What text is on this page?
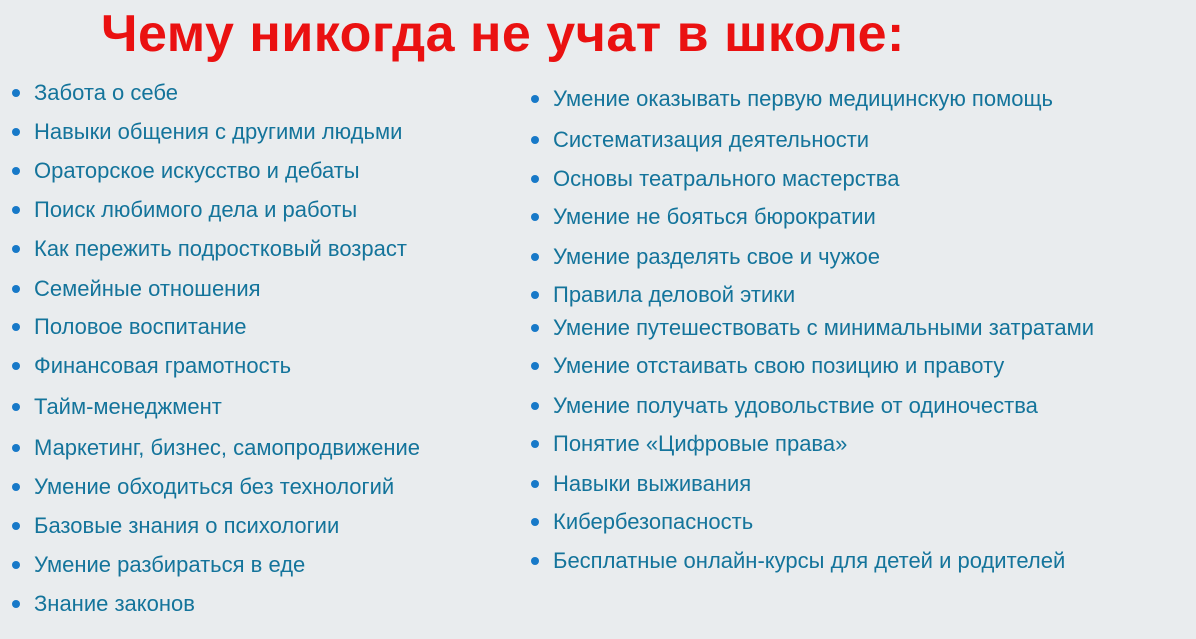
Чему никогда не учат в школе:
Забота о себе
Навыки общения с другими людьми
Ораторское искусство и дебаты
Поиск любимого дела и работы
Как пережить подростковый возраст
Семейные отношения
Половое воспитание
Финансовая грамотность
Тайм-менеджмент
Маркетинг, бизнес, самопродвижение
Умение обходиться без технологий
Базовые знания о психологии
Умение разбираться в еде
Знание законов
Умение оказывать первую медицинскую помощь
Систематизация деятельности
Основы театрального мастерства
Умение не бояться бюрократии
Умение разделять свое и чужое
Правила деловой этики
Умение путешествовать с минимальными затратами
Умение отстаивать свою позицию и правоту
Умение получать удовольствие от одиночества
Понятие «Цифровые права»
Навыки выживания
Кибербезопасность
Бесплатные онлайн-курсы для детей и родителей
